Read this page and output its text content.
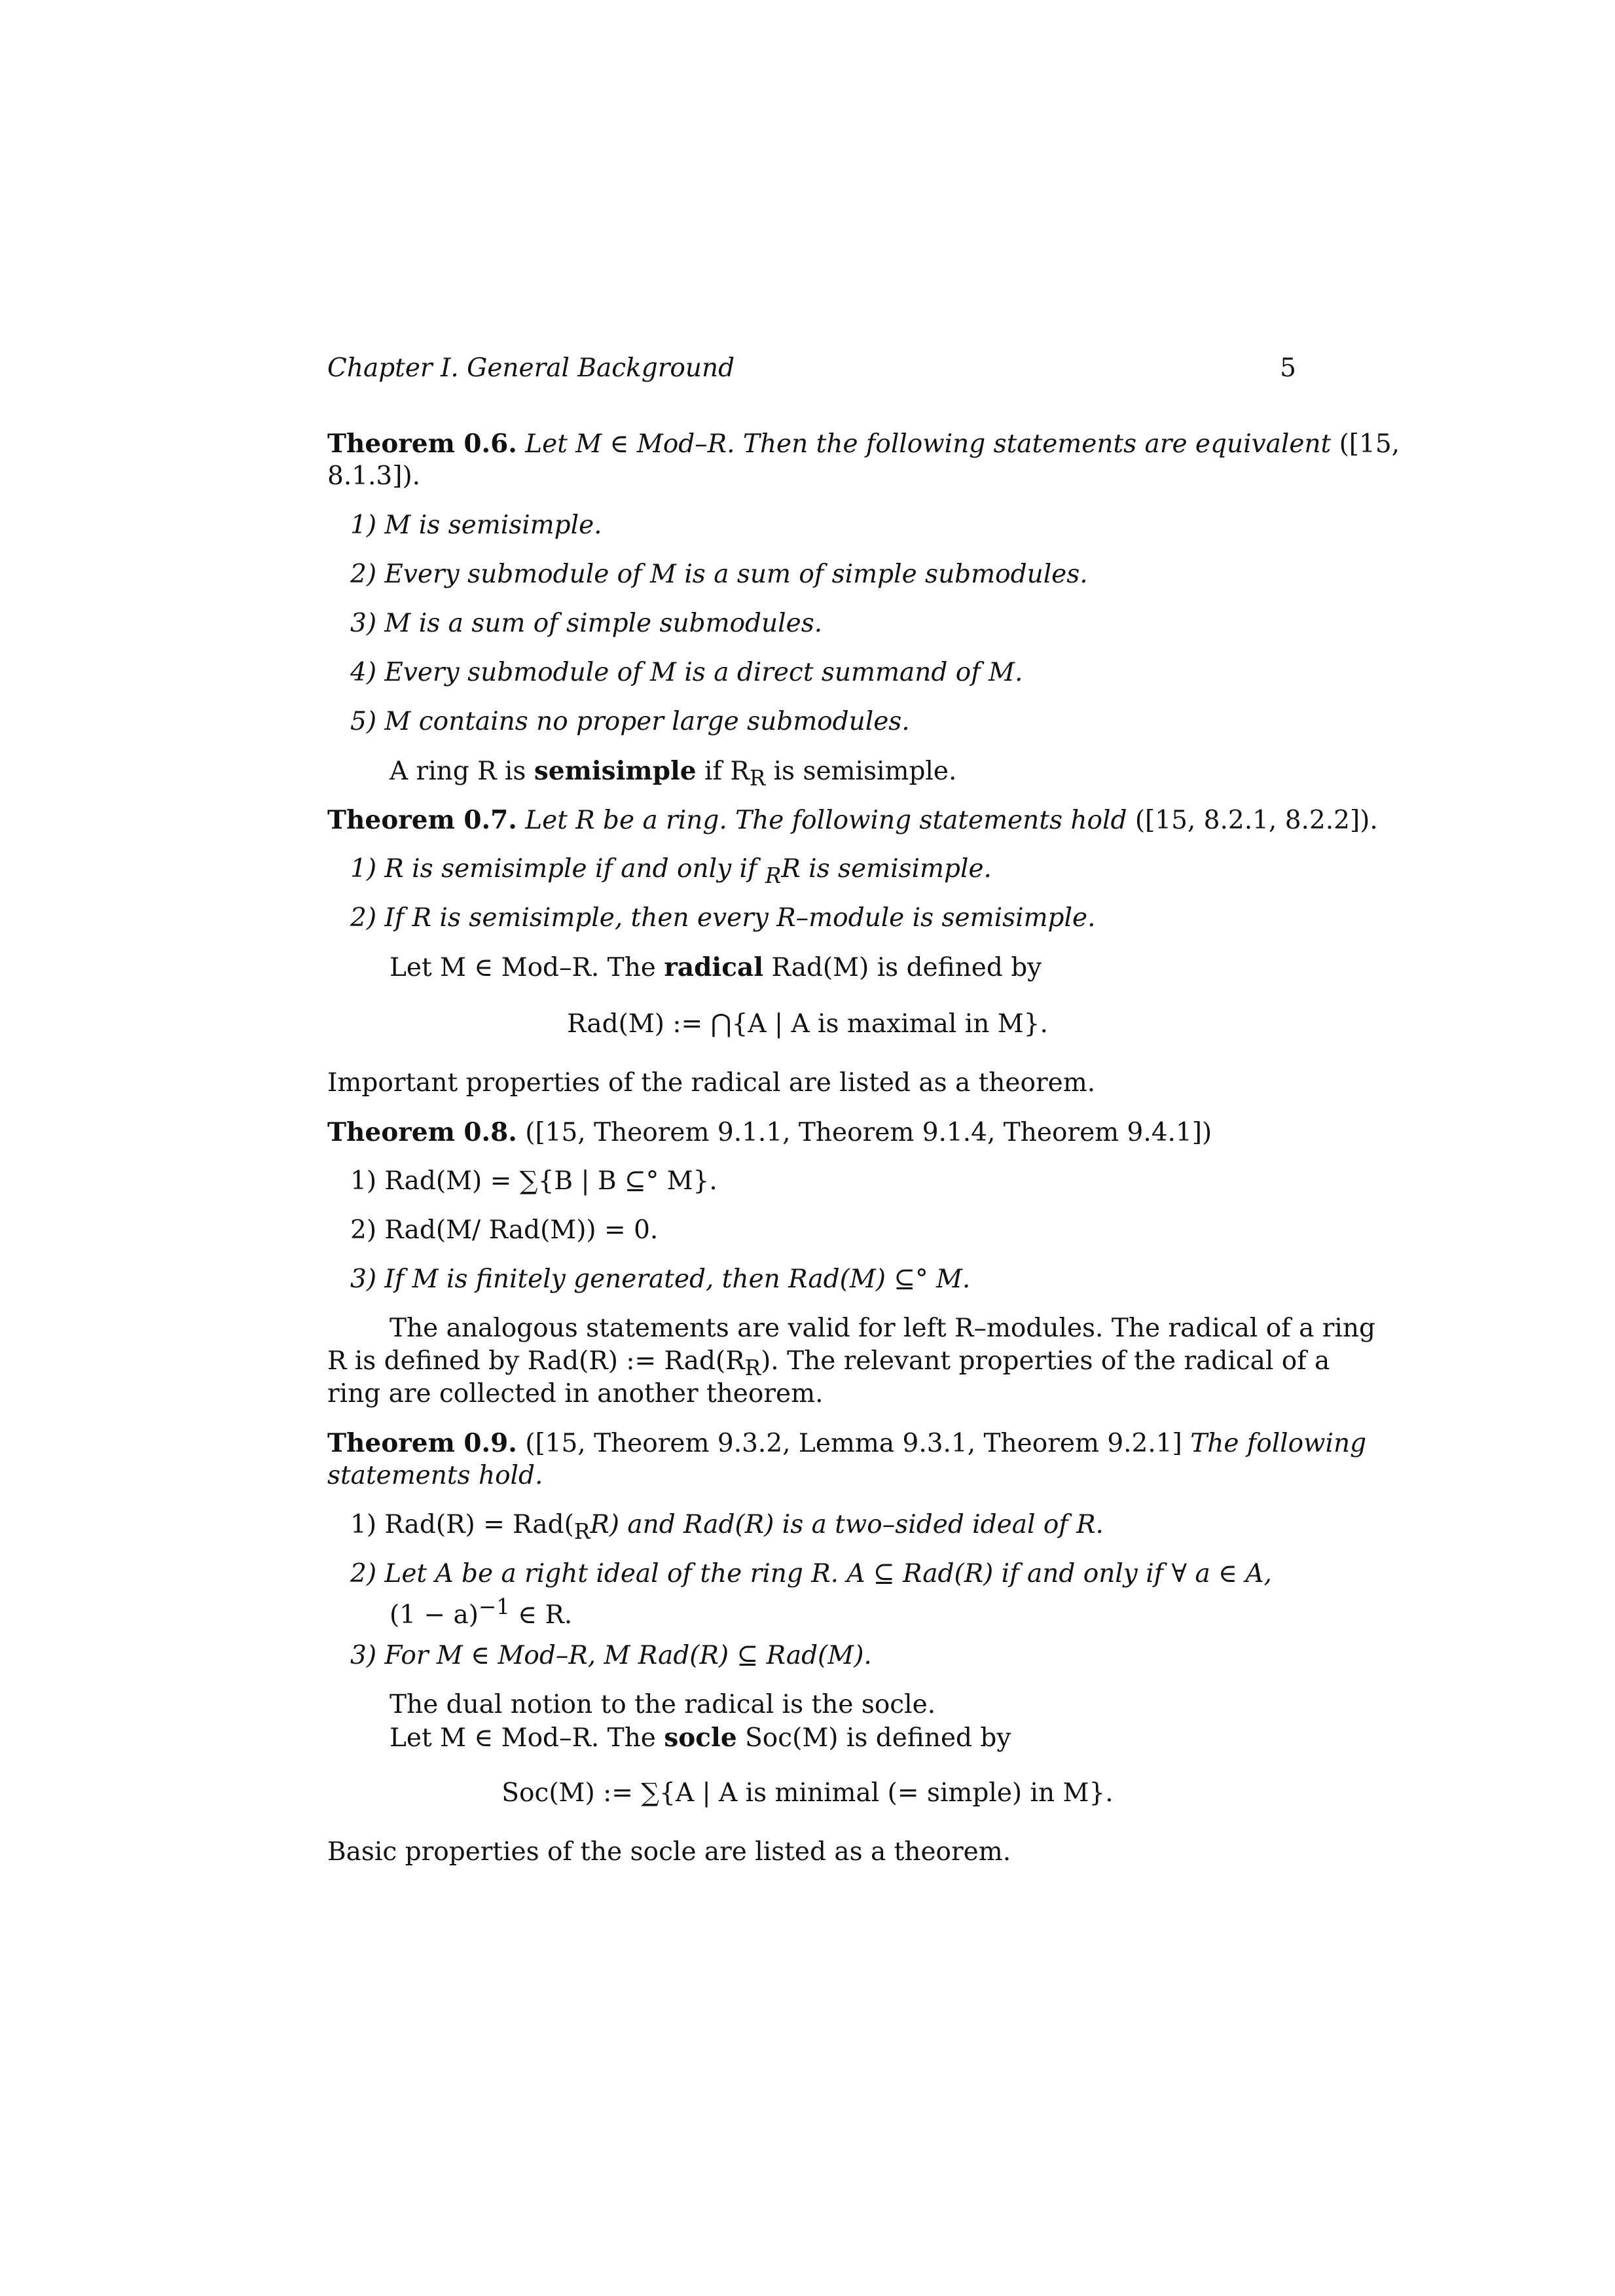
Chapter I. General Background	5
Theorem 0.6. Let M ∈ Mod–R. Then the following statements are equivalent ([15,
8.1.3]).
1) M is semisimple.
2) Every submodule of M is a sum of simple submodules.
3) M is a sum of simple submodules.
4) Every submodule of M is a direct summand of M.
5) M contains no proper large submodules.
A ring R is semisimple if $R_R$ is semisimple.
Theorem 0.7. Let R be a ring. The following statements hold ([15, 8.2.1, 8.2.2]).
1) R is semisimple if and only if $_R$R is semisimple.
2) If R is semisimple, then every R–module is semisimple.
Let M ∈ Mod–R. The radical Rad(M) is defined by
Rad(M) := ⋂{A | A is maximal in M}.
Important properties of the radical are listed as a theorem.
Theorem 0.8. ([15, Theorem 9.1.1, Theorem 9.1.4, Theorem 9.4.1])
1) Rad(M) = ∑{B | B ⊆° M}.
2) Rad(M/ Rad(M)) = 0.
3) If M is finitely generated, then Rad(M) ⊆° M.
The analogous statements are valid for left R–modules. The radical of a ring
R is defined by Rad(R) := $Rad(R_R)$. The relevant properties of the radical of a
ring are collected in another theorem.
Theorem 0.9. ([15, Theorem 9.3.2, Lemma 9.3.1, Theorem 9.2.1] The following
statements hold.
1) $Rad(R) = Rad(_RR)$ and Rad(R) is a two–sided ideal of R.
2) Let A be a right ideal of the ring R. A ⊆ Rad(R) if and only if ∀ a ∈ A,
$(1 - a)^{-1}$ ∈ R.
3) For M ∈ Mod–R, M Rad(R) ⊆ Rad(M).
The dual notion to the radical is the socle.
Let M ∈ Mod–R. The socle Soc(M) is defined by
Soc(M) := ∑{A | A is minimal (= simple) in M}.
Basic properties of the socle are listed as a theorem.
